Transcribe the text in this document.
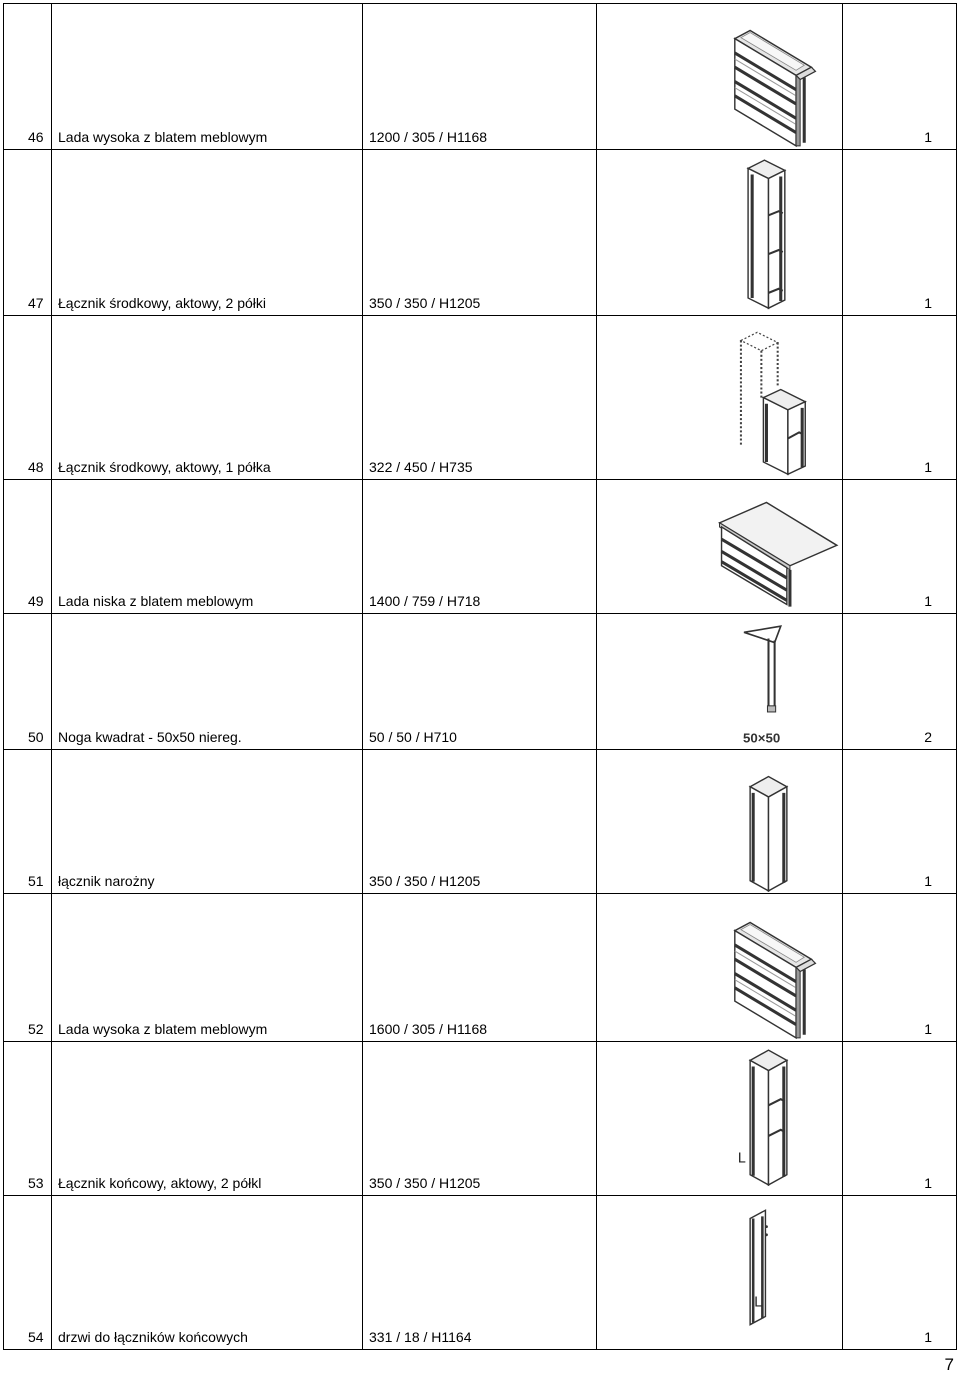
46	Lada wysoka z blatem meblowym	1200 / 305 / H1168		1
47	Łącznik środkowy, aktowy, 2 półki	350 / 350 / H1205		1
48	Łącznik środkowy, aktowy, 1 półka	322 / 450 / H735		1
49	Lada niska z blatem meblowym	1400 / 759 / H718		1
50	Noga kwadrat - 50x50 niereg.	50 / 50 / H710	50×50	2
51	łącznik narożny	350 / 350 / H1205		1
52	Lada wysoka z blatem meblowym	1600 / 305 / H1168		1
53	Łącznik końcowy, aktowy, 2 półkl	350 / 350 / H1205	L	1
54	drzwi do łączników końcowych	331 / 18 / H1164	L	1
7
